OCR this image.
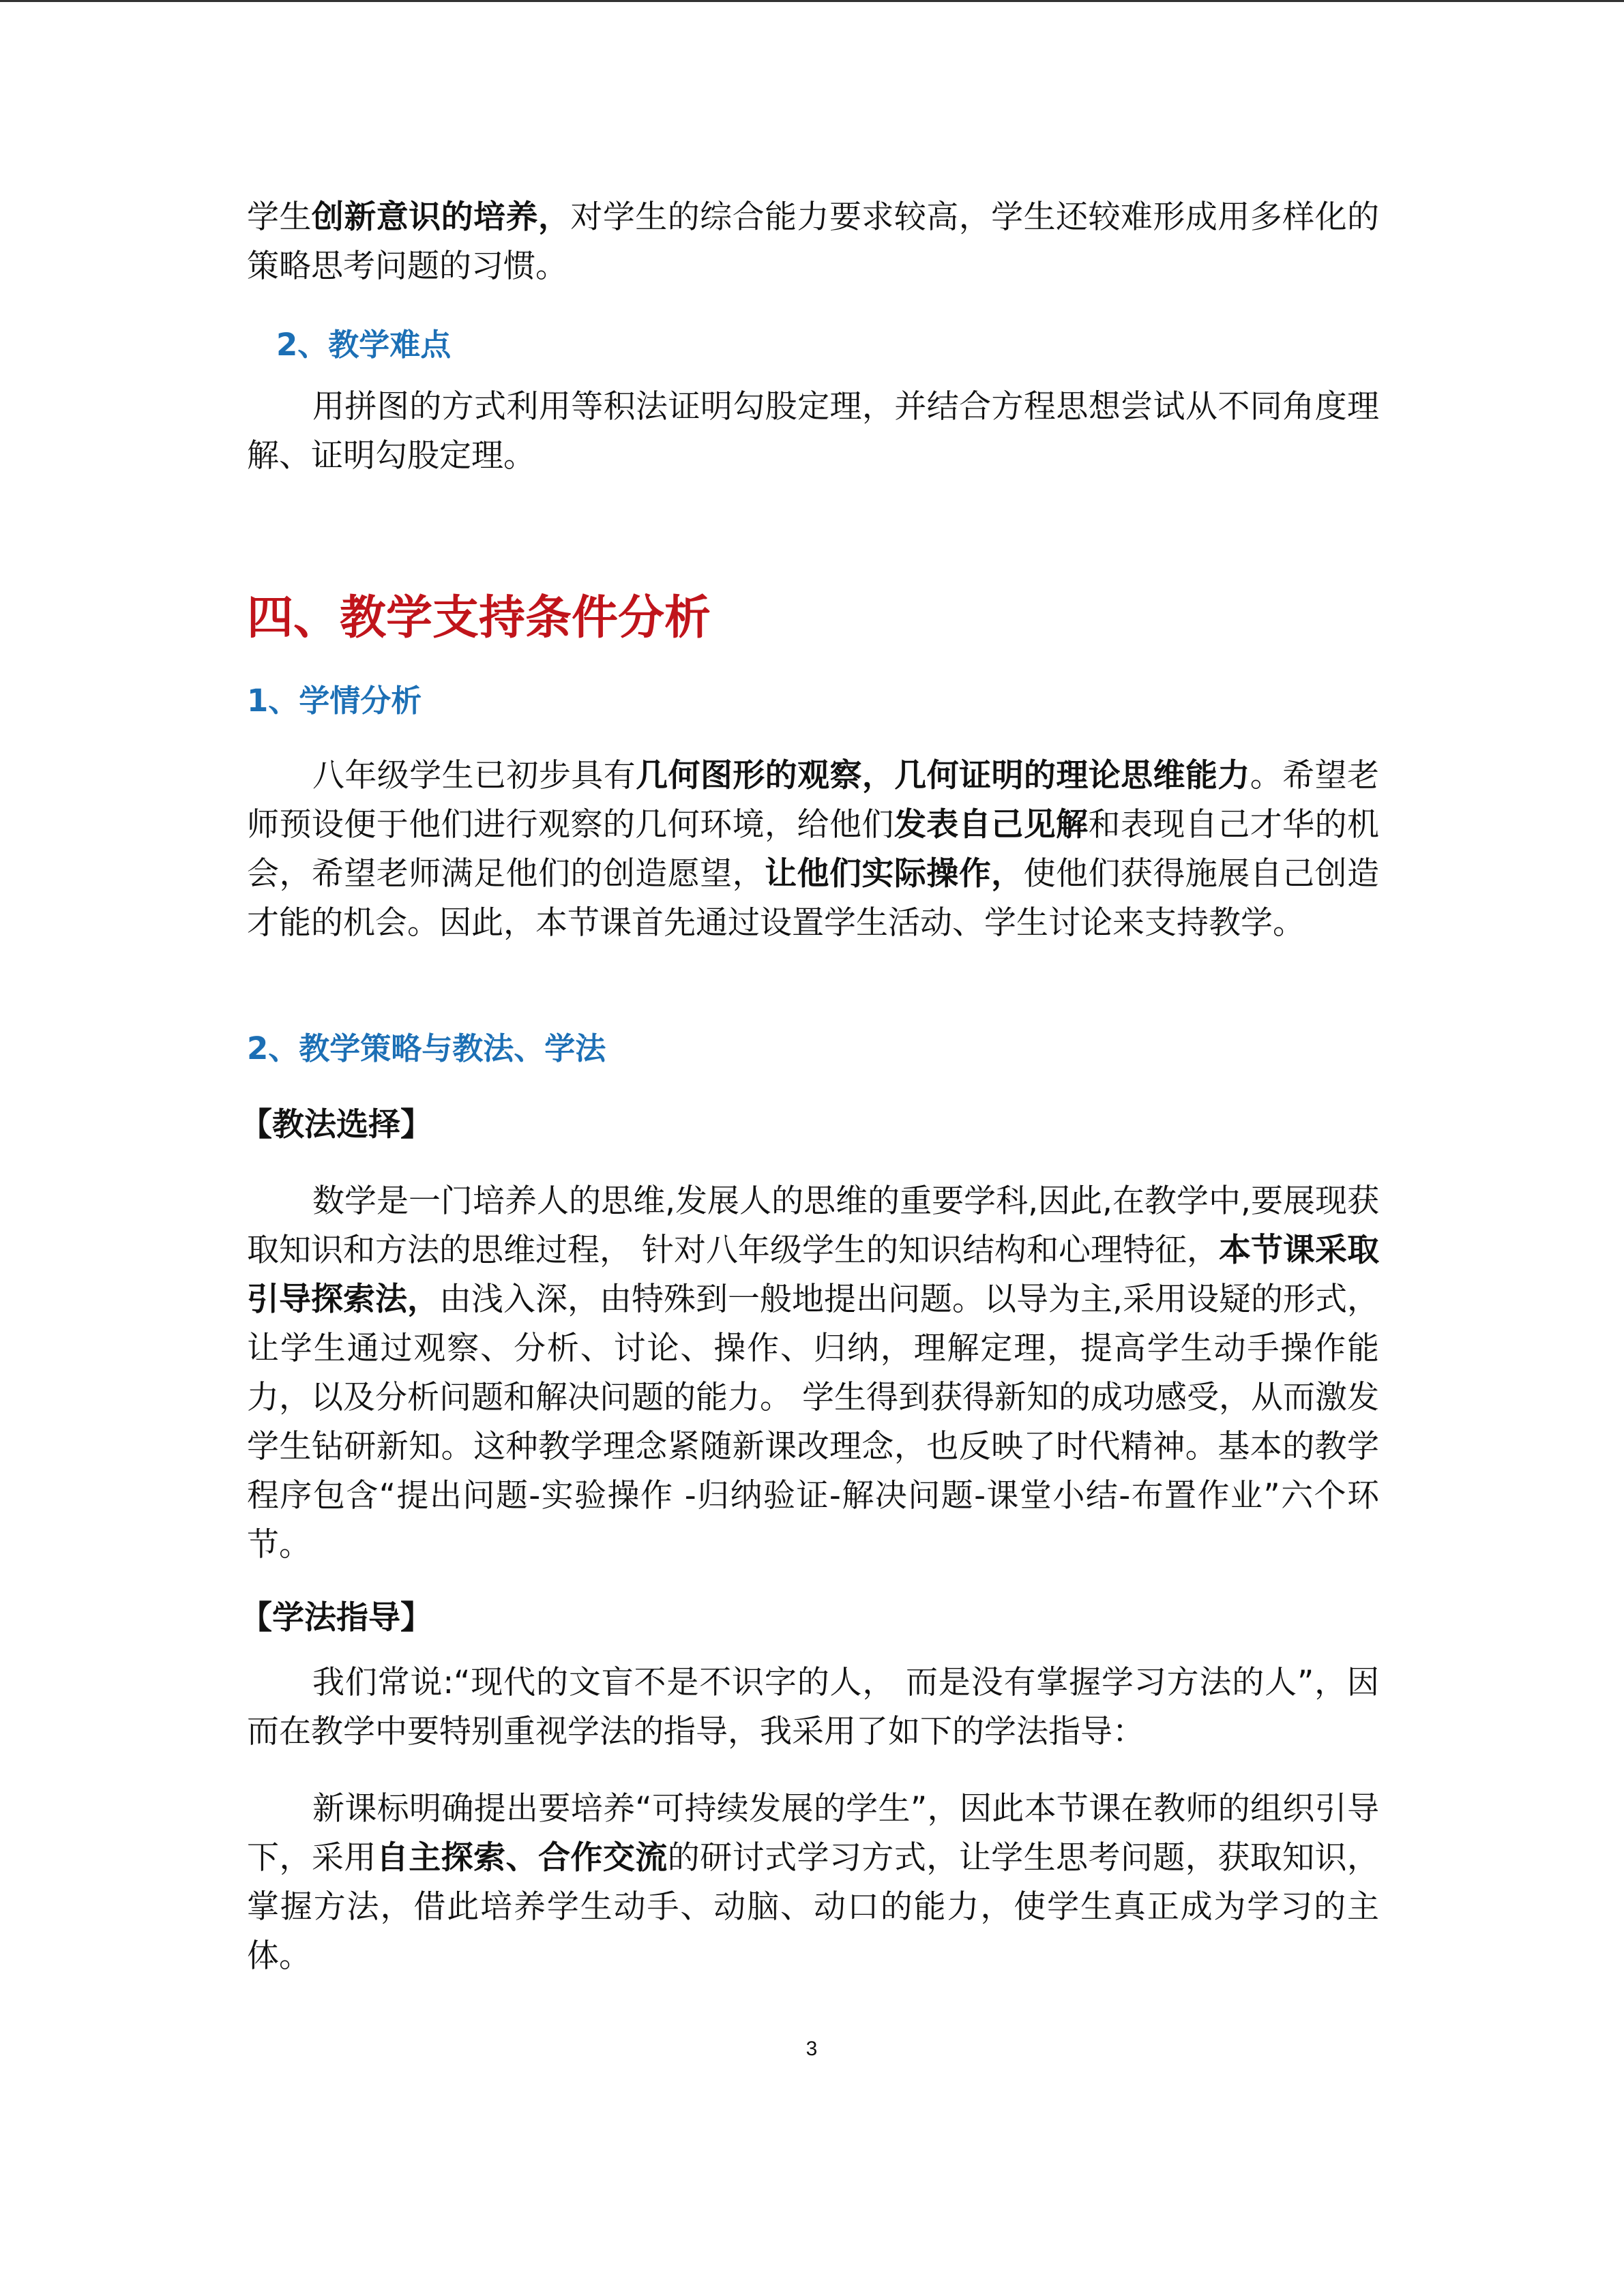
学生创新意识的培养，对学生的综合能力要求较高，学生还较难形成用多样化的策略思考问题的习惯。

2、教学难点

用拼图的方式利用等积法证明勾股定理，并结合方程思想尝试从不同角度理解、证明勾股定理。

四、教学支持条件分析
1、学情分析

八年级学生已初步具有几何图形的观察，几何证明的理论思维能力。希望老师预设便于他们进行观察的几何环境，给他们发表自己见解和表现自己才华的机会，希望老师满足他们的创造愿望，让他们实际操作，使他们获得施展自己创造才能的机会。因此，本节课首先通过设置学生活动、学生讨论来支持教学。

2、教学策略与教法、学法

【教法选择】

数学是一门培养人的思维,发展人的思维的重要学科,因此,在教学中,要展现获取知识和方法的思维过程， 针对八年级学生的知识结构和心理特征，本节课采取引导探索法，由浅入深，由特殊到一般地提出问题。以导为主,采用设疑的形式，让学生通过观察、分析、讨论、操作、归纳，理解定理，提高学生动手操作能力，以及分析问题和解决问题的能力。 学生得到获得新知的成功感受，从而激发学生钻研新知。这种教学理念紧随新课改理念，也反映了时代精神。基本的教学程序包含“提出问题-实验操作 -归纳验证-解决问题-课堂小结-布置作业”六个环节。

【学法指导】

我们常说:“现代的文盲不是不识字的人， 而是没有掌握学习方法的人”，因而在教学中要特别重视学法的指导，我采用了如下的学法指导：

新课标明确提出要培养“可持续发展的学生”，因此本节课在教师的组织引导下，采用自主探索、合作交流的研讨式学习方式，让学生思考问题，获取知识，掌握方法，借此培养学生动手、动脑、动口的能力，使学生真正成为学习的主体。

3
